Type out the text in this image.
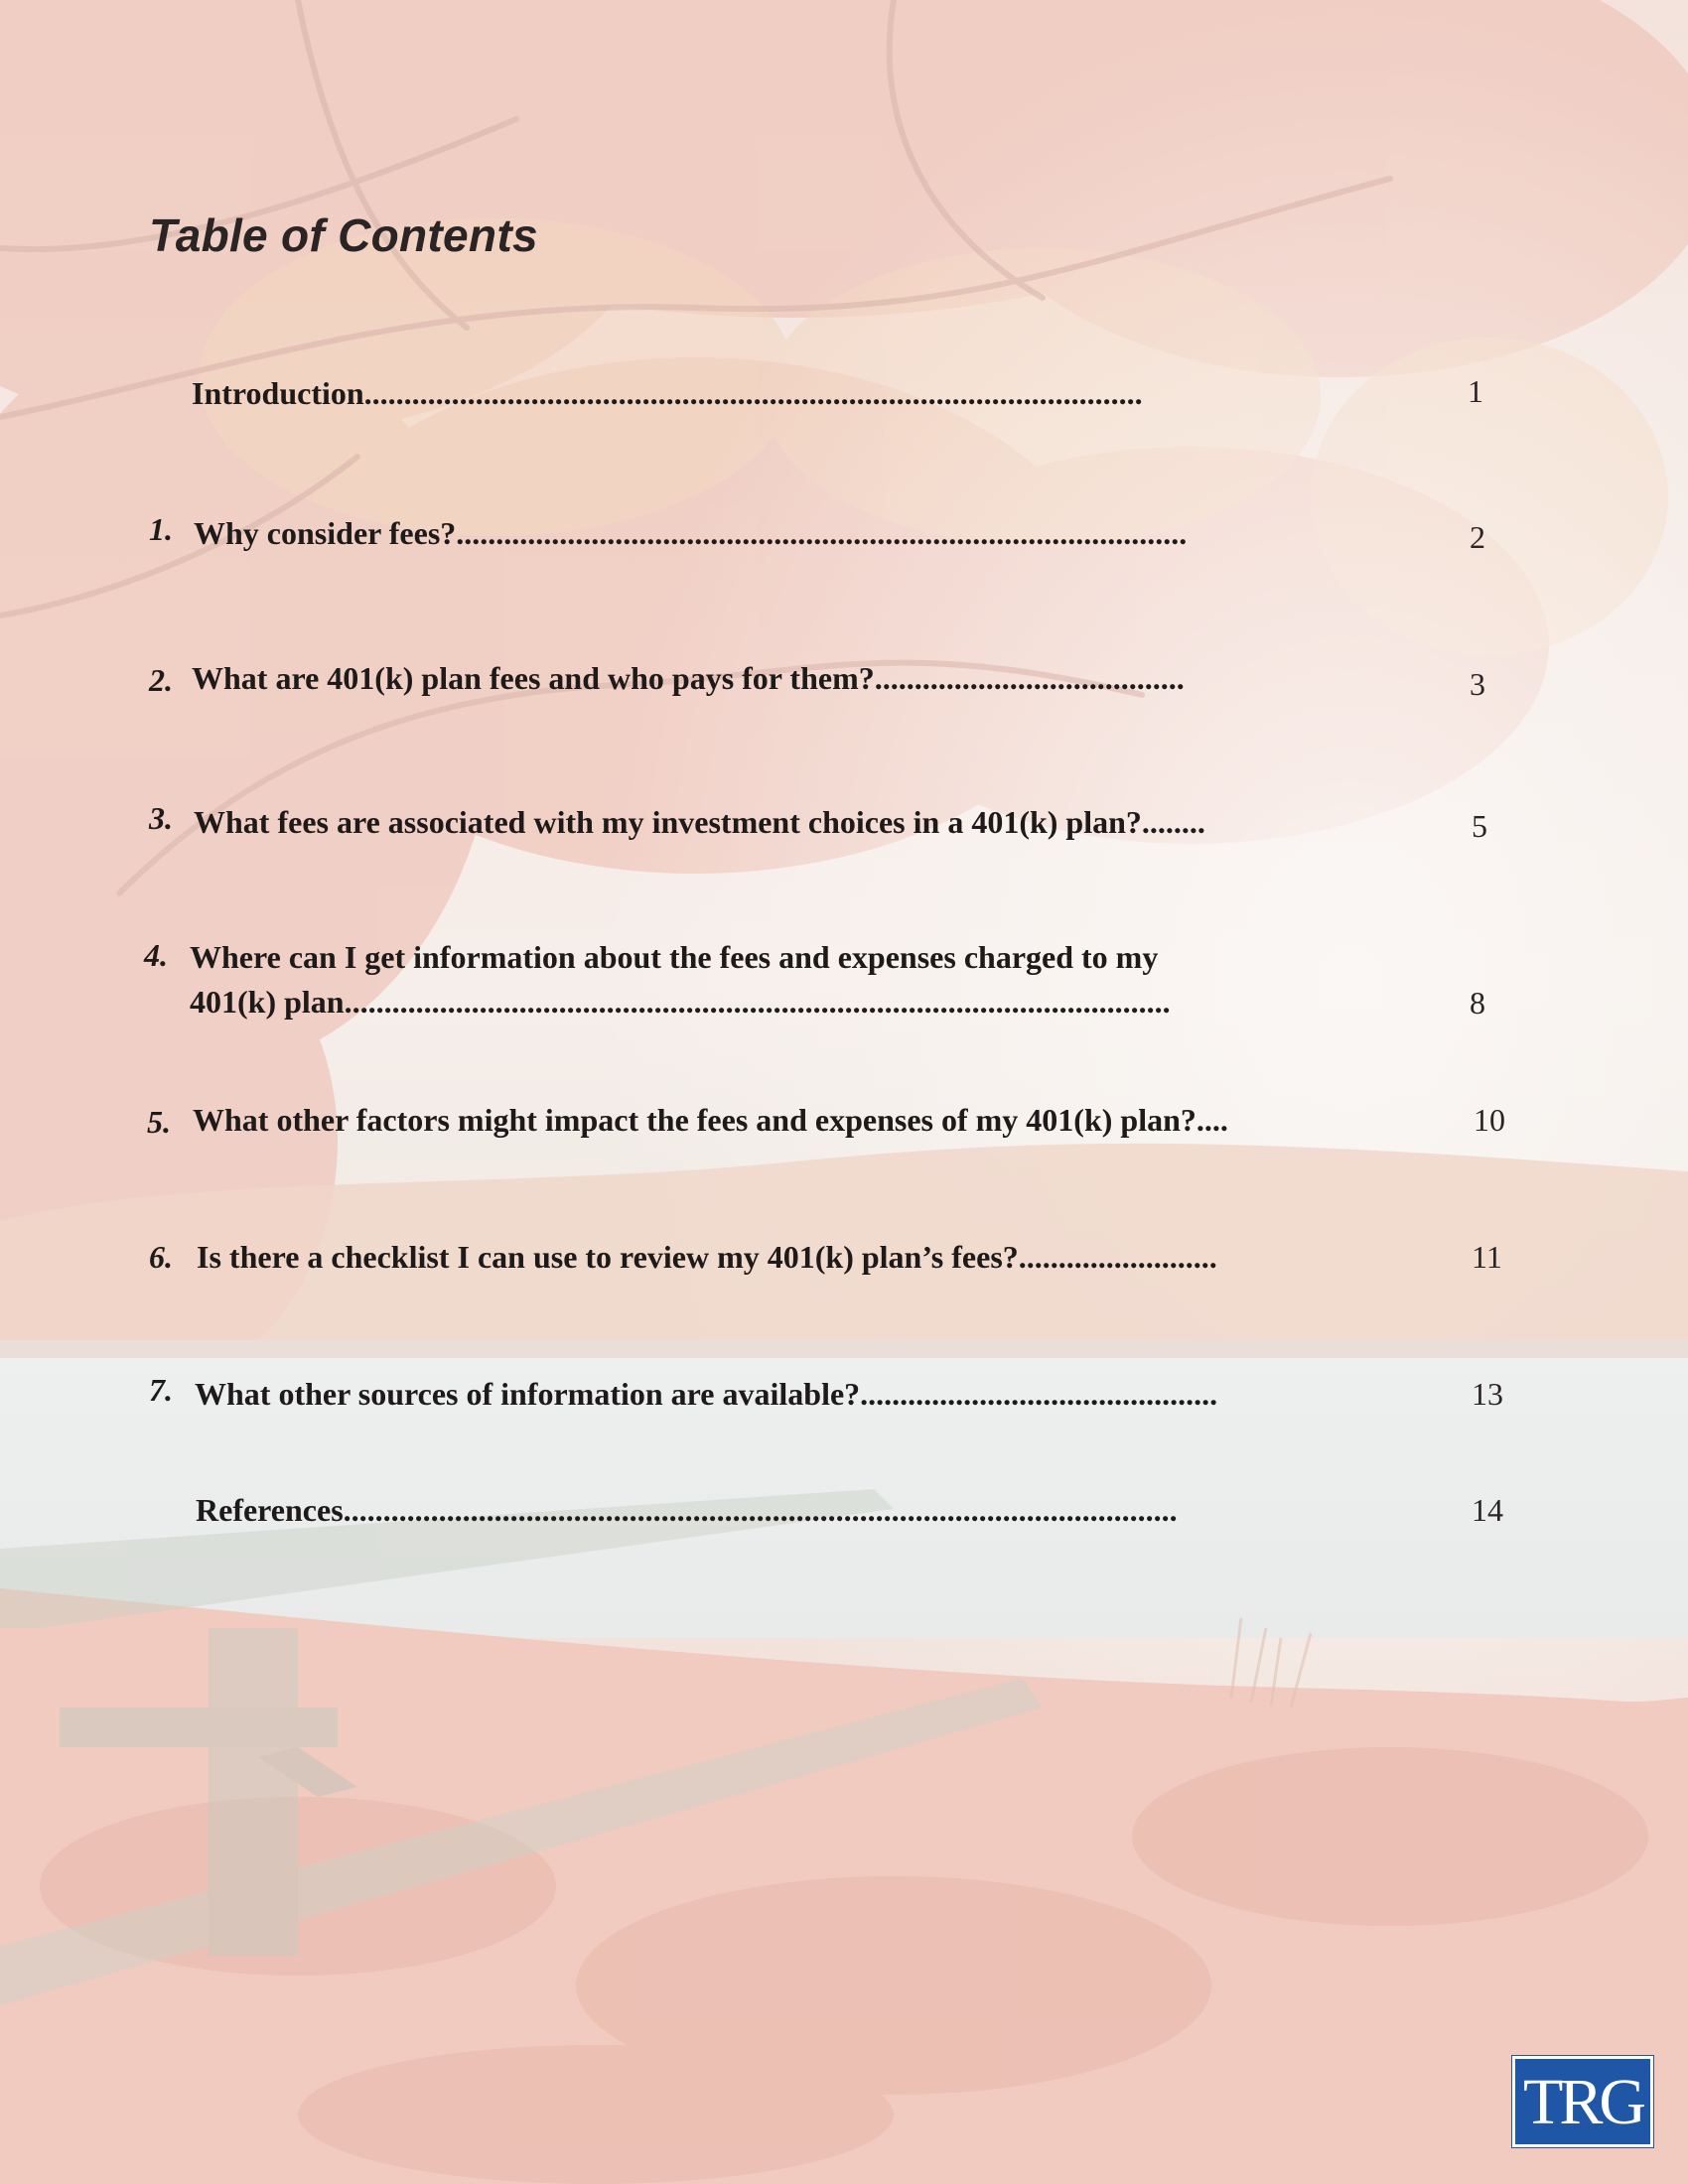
Table of Contents
Introduction..................................................................................................	1
1. Why consider fees?............................................................................................	2
2. What are 401(k) plan fees and who pays for them?.......................................	3
3. What fees are associated with my investment choices in a 401(k) plan?........	5
4. Where can I get information about the fees and expenses charged to my
401(k) plan........................................................................................................	8
5. What other factors might impact the fees and expenses of my 401(k) plan?....	10
6. Is there a checklist I can use to review my 401(k) plan’s fees?.........................	11
7. What other sources of information are available?.............................................	13
References.........................................................................................................	14
TRG
